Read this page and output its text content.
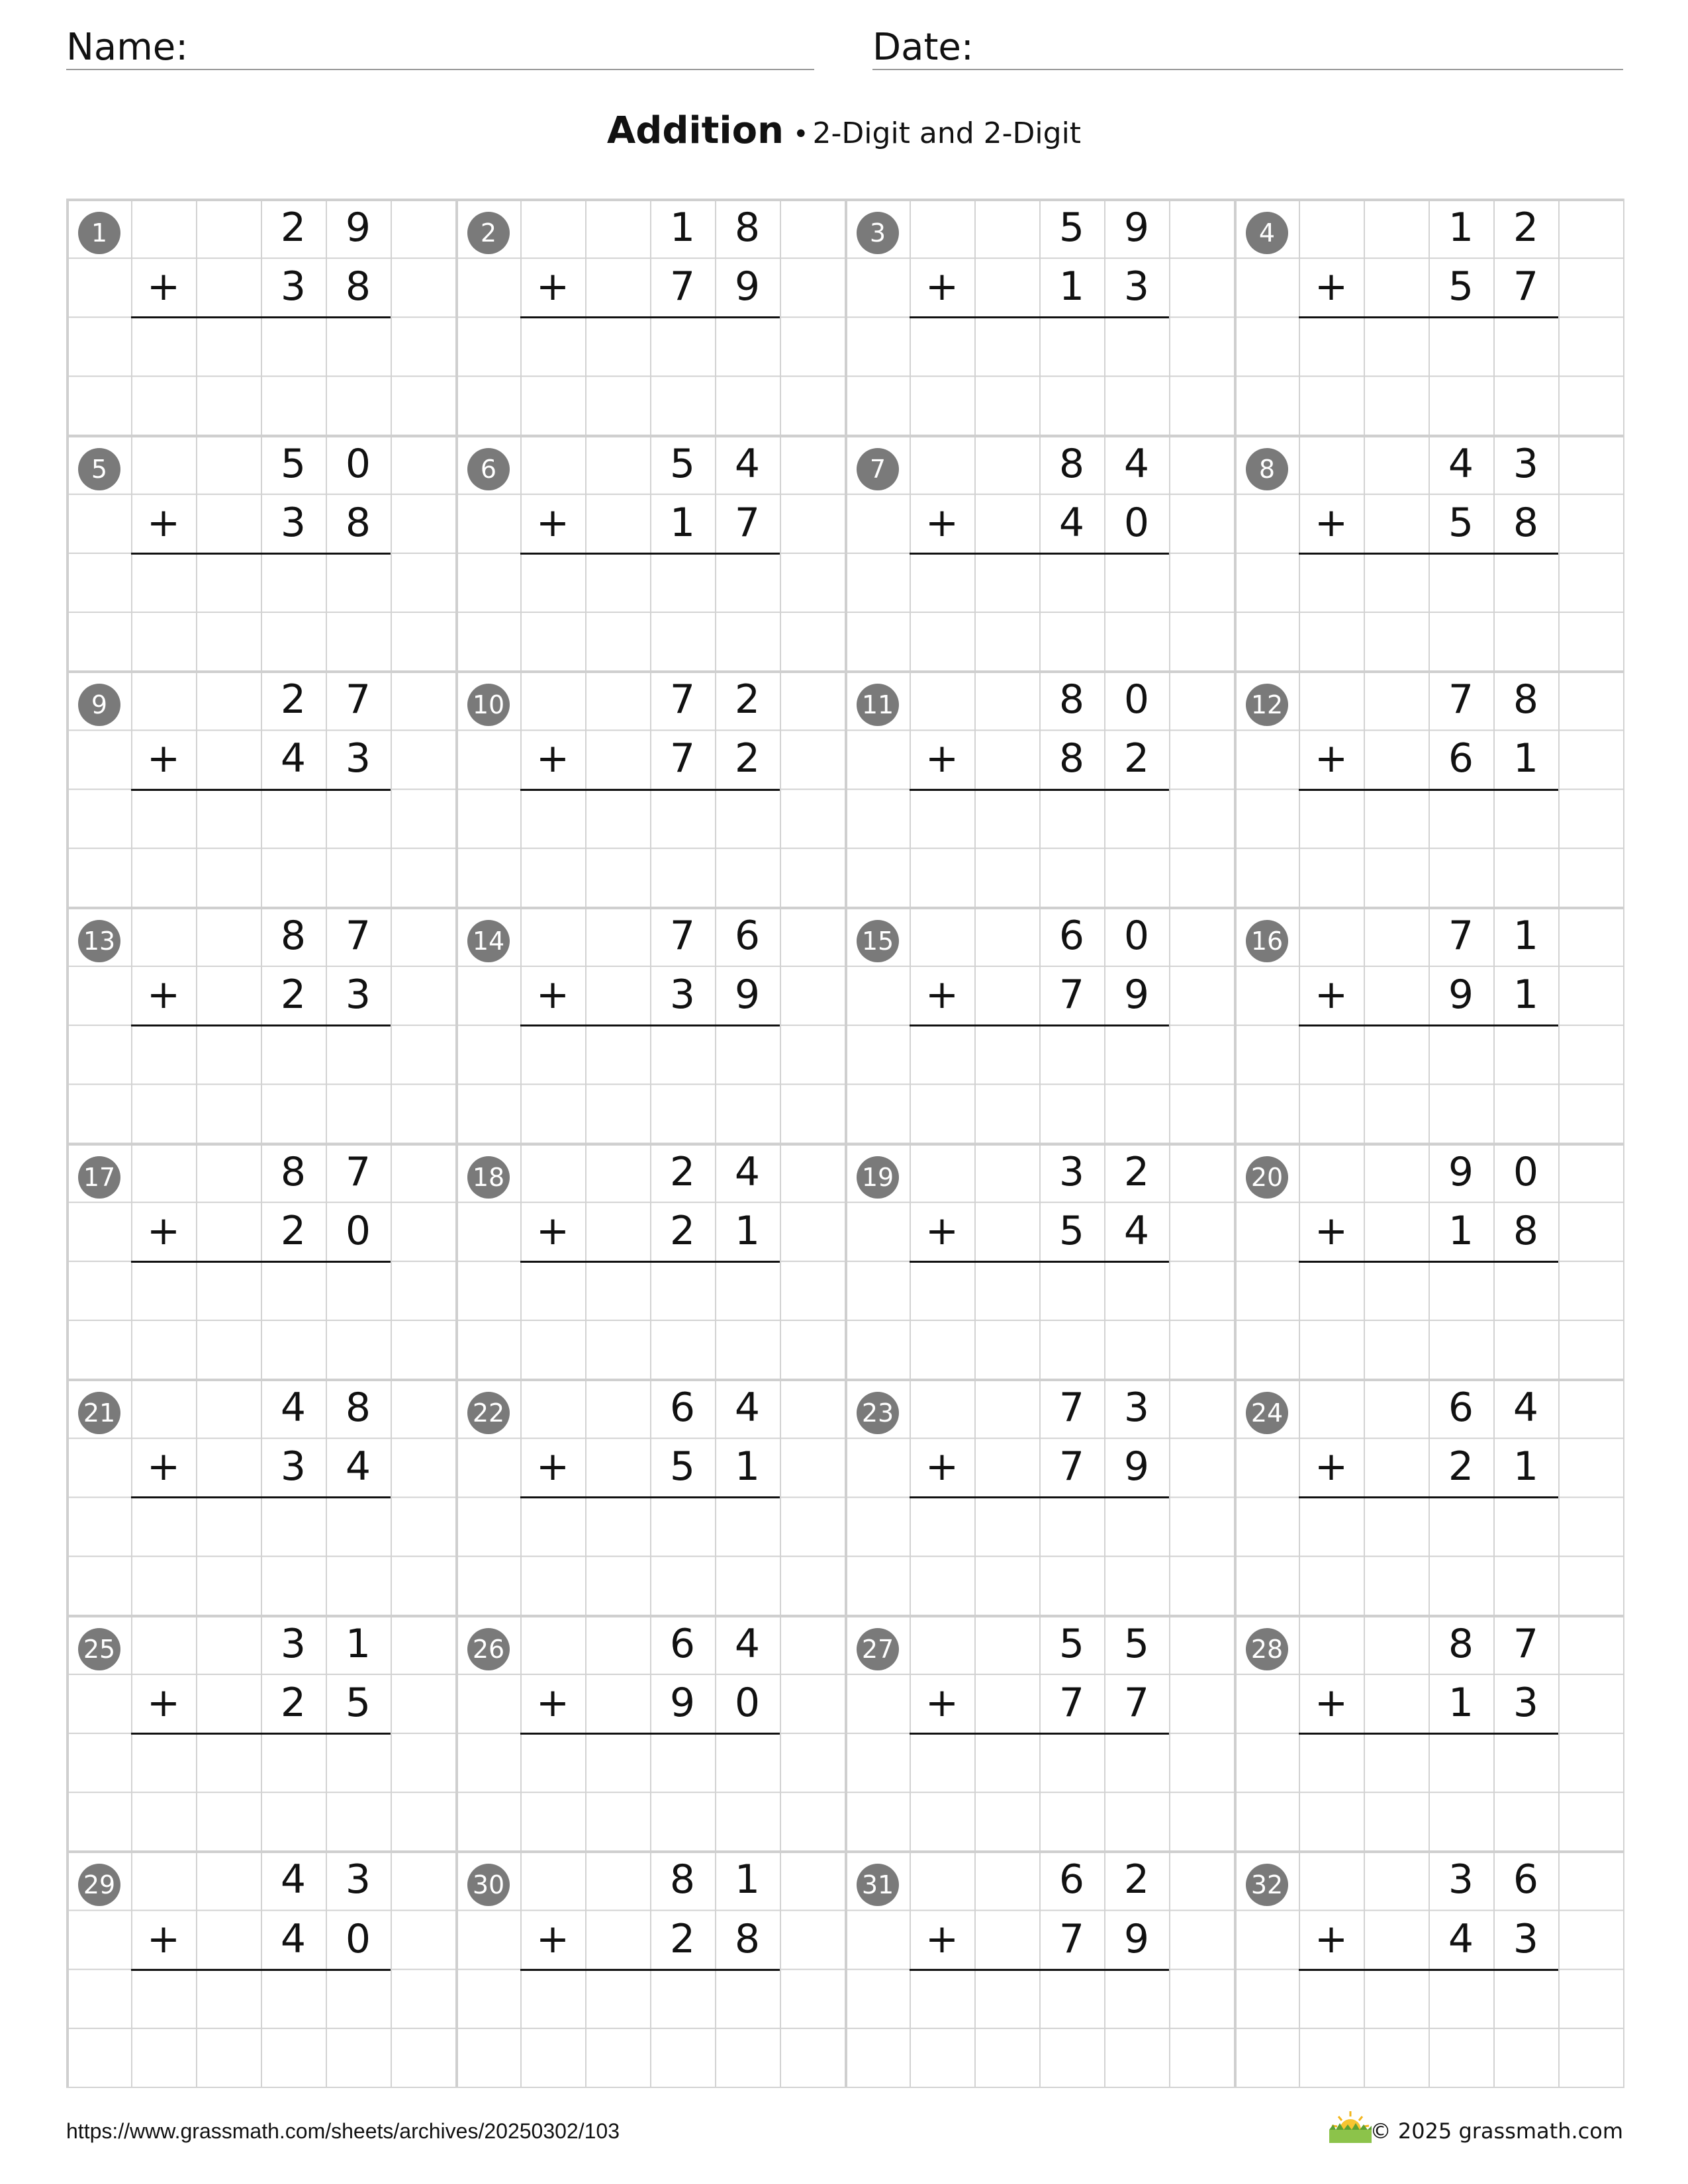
Name:	Date:
Addition • 2-Digit and 2-Digit
1	2 9
+	3 8
2	1 8
+	7 9
3	5 9
+	1 3
4	1 2
+	5 7
5	5 0
+	3 8
6	5 4
+	1 7
7	8 4
+	4 0
8	4 3
+	5 8
9	2 7
+	4 3
10	7 2
+	7 2
11	8 0
+	8 2
12	7 8
+	6 1
13	8 7
+	2 3
14	7 6
+	3 9
15	6 0
+	7 9
16	7 1
+	9 1
17	8 7
+	2 0
18	2 4
+	2 1
19	3 2
+	5 4
20	9 0
+	1 8
21	4 8
+	3 4
22	6 4
+	5 1
23	7 3
+	7 9
24	6 4
+	2 1
25	3 1
+	2 5
26	6 4
+	9 0
27	5 5
+	7 7
28	8 7
+	1 3
29	4 3
+	4 0
30	8 1
+	2 8
31	6 2
+	7 9
32	3 6
+	4 3
https://www.grassmath.com/sheets/archives/20250302/103	© 2025 grassmath.com
